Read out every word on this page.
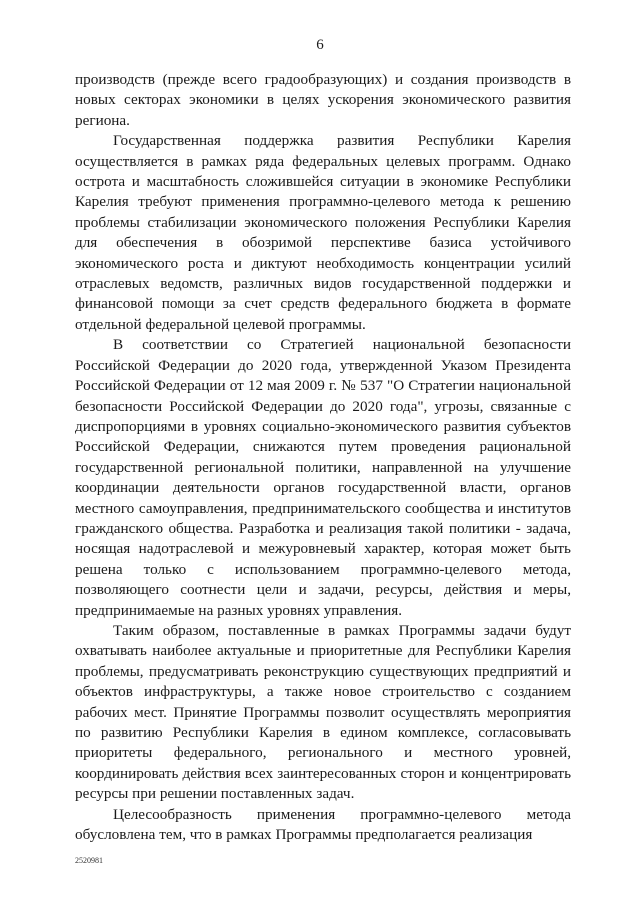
6

производств (прежде всего градообразующих) и создания производств в новых секторах экономики в целях ускорения экономического развития региона.

Государственная поддержка развития Республики Карелия осуществляется в рамках ряда федеральных целевых программ. Однако острота и масштабность сложившейся ситуации в экономике Республики Карелия требуют применения программно-целевого метода к решению проблемы стабилизации экономического положения Республики Карелия для обеспечения в обозримой перспективе базиса устойчивого экономического роста и диктуют необходимость концентрации усилий отраслевых ведомств, различных видов государственной поддержки и финансовой помощи за счет средств федерального бюджета в формате отдельной федеральной целевой программы.

В соответствии со Стратегией национальной безопасности Российской Федерации до 2020 года, утвержденной Указом Президента Российской Федерации от 12 мая 2009 г. № 537 "О Стратегии национальной безопасности Российской Федерации до 2020 года", угрозы, связанные с диспропорциями в уровнях социально-экономического развития субъектов Российской Федерации, снижаются путем проведения рациональной государственной региональной политики, направленной на улучшение координации деятельности органов государственной власти, органов местного самоуправления, предпринимательского сообщества и институтов гражданского общества. Разработка и реализация такой политики - задача, носящая надотраслевой и межуровневый характер, которая может быть решена только с использованием программно-целевого метода, позволяющего соотнести цели и задачи, ресурсы, действия и меры, предпринимаемые на разных уровнях управления.

Таким образом, поставленные в рамках Программы задачи будут охватывать наиболее актуальные и приоритетные для Республики Карелия проблемы, предусматривать реконструкцию существующих предприятий и объектов инфраструктуры, а также новое строительство с созданием рабочих мест. Принятие Программы позволит осуществлять мероприятия по развитию Республики Карелия в едином комплексе, согласовывать приоритеты федерального, регионального и местного уровней, координировать действия всех заинтересованных сторон и концентрировать ресурсы при решении поставленных задач.

Целесообразность применения программно-целевого метода обусловлена тем, что в рамках Программы предполагается реализация

2520981
